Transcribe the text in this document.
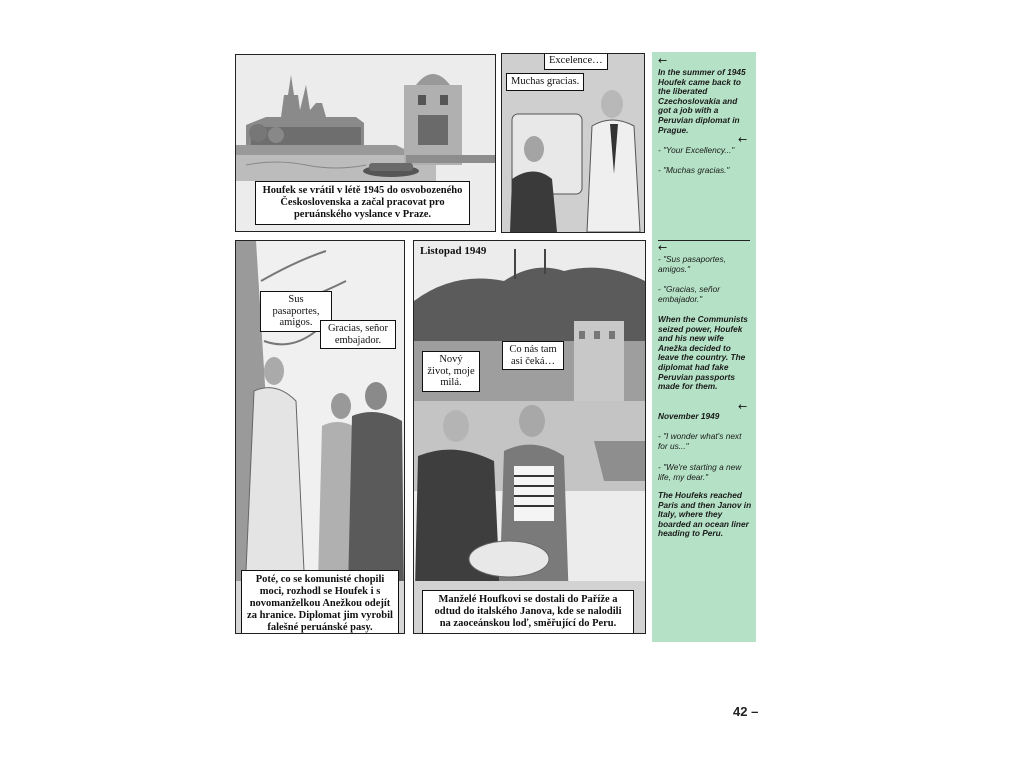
Houfek se vrátil v létě 1945 do osvobozeného Československa a začal pracovat pro peruánského vyslance v Praze.
Excelence…
Muchas gracias.
Sus pasaportes, amigos.
Gracias, señor embajador.
Poté, co se komunisté chopili moci, rozhodl se Houfek i s novomanželkou Anežkou odejít za hranice. Diplomat jim vyrobil falešné peruánské pasy.
Listopad 1949
Nový život, moje milá.
Co nás tam asi čeká…
Manželé Houfkovi se dostali do Paříže a odtud do italského Janova, kde se nalodili na zaoceánskou loď, směřující do Peru.
←
In the summer of 1945 Houfek came back to the liberated Czechoslovakia and got a job with a Peruvian diplomat in Prague.
←
- "Your Excellency..."
- "Muchas gracias."
←
- "Sus pasaportes, amigos."
- "Gracias, señor embajador."
When the Communists seized power, Houfek and his new wife Anežka decided to leave the country. The diplomat had fake Peruvian passports made for them.
←
November 1949
- "I wonder what's next for us..."
- "We're starting a new life, my dear."
The Houfeks reached Paris and then Janov in Italy, where they boarded an ocean liner heading to Peru.
42 –
